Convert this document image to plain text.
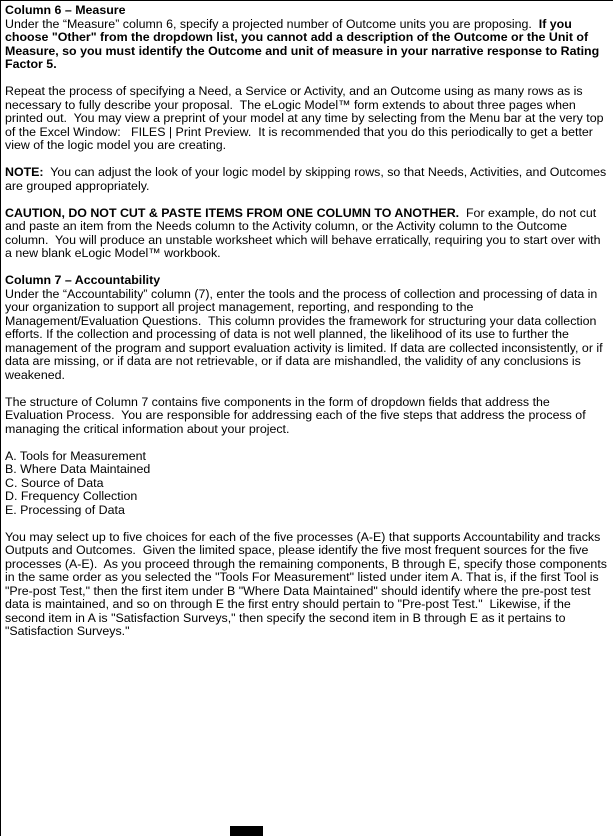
Column 6 – Measure
Under the “Measure” column 6, specify a projected number of Outcome units you are proposing.  If you choose "Other" from the dropdown list, you cannot add a description of the Outcome or the Unit of Measure, so you must identify the Outcome and unit of measure in your narrative response to Rating Factor 5.
Repeat the process of specifying a Need, a Service or Activity, and an Outcome using as many rows as is necessary to fully describe your proposal.  The eLogic Model™ form extends to about three pages when printed out.  You may view a preprint of your model at any time by selecting from the Menu bar at the very top of the Excel Window:   FILES | Print Preview.  It is recommended that you do this periodically to get a better view of the logic model you are creating.
NOTE:  You can adjust the look of your logic model by skipping rows, so that Needs, Activities, and Outcomes are grouped appropriately.
CAUTION, DO NOT CUT & PASTE ITEMS FROM ONE COLUMN TO ANOTHER.  For example, do not cut and paste an item from the Needs column to the Activity column, or the Activity column to the Outcome column.  You will produce an unstable worksheet which will behave erratically, requiring you to start over with a new blank eLogic Model™ workbook.
Column 7 – Accountability
Under the “Accountability” column (7), enter the tools and the process of collection and processing of data in your organization to support all project management, reporting, and responding to the Management/Evaluation Questions.  This column provides the framework for structuring your data collection efforts. If the collection and processing of data is not well planned, the likelihood of its use to further the management of the program and support evaluation activity is limited. If data are collected inconsistently, or if data are missing, or if data are not retrievable, or if data are mishandled, the validity of any conclusions is weakened.
The structure of Column 7 contains five components in the form of dropdown fields that address the Evaluation Process.  You are responsible for addressing each of the five steps that address the process of managing the critical information about your project.
A. Tools for Measurement
B. Where Data Maintained
C. Source of Data
D. Frequency Collection
E. Processing of Data
You may select up to five choices for each of the five processes (A-E) that supports Accountability and tracks Outputs and Outcomes.  Given the limited space, please identify the five most frequent sources for the five processes (A-E).  As you proceed through the remaining components, B through E, specify those components in the same order as you selected the "Tools For Measurement" listed under item A. That is, if the first Tool is "Pre-post Test," then the first item under B "Where Data Maintained" should identify where the pre-post test data is maintained, and so on through E the first entry should pertain to "Pre-post Test."  Likewise, if the second item in A is "Satisfaction Surveys," then specify the second item in B through E as it pertains to "Satisfaction Surveys."
